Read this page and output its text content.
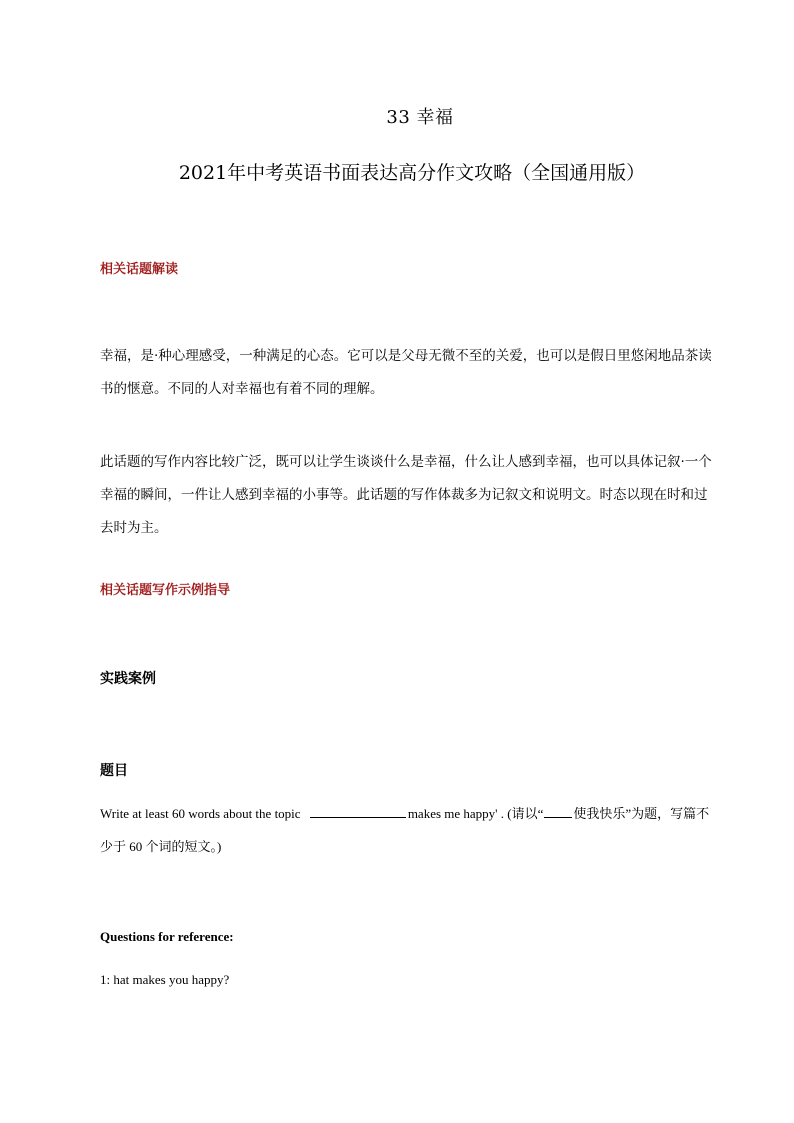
33 幸福
2021年中考英语书面表达高分作文攻略（全国通用版）
相关话题解读
幸福，是·种心理感受，一种满足的心态。它可以是父母无微不至的关爱，也可以是假日里悠闲地品茶读书的惬意。不同的人对幸福也有着不同的理解。
此话题的写作内容比较广泛，既可以让学生谈谈什么是幸福，什么让人感到幸福，也可以具体记叙·一个幸福的瞬间，一件让人感到幸福的小事等。此话题的写作体裁多为记叙文和说明文。时态以现在时和过去时为主。
相关话题写作示例指导
实践案例
题目
Write at least 60 words about the topic	makes me happy' . (请以“ 使我快乐”为题，写篇不少于 60 个词的短文。)
Questions for reference:
1: hat makes you happy?
